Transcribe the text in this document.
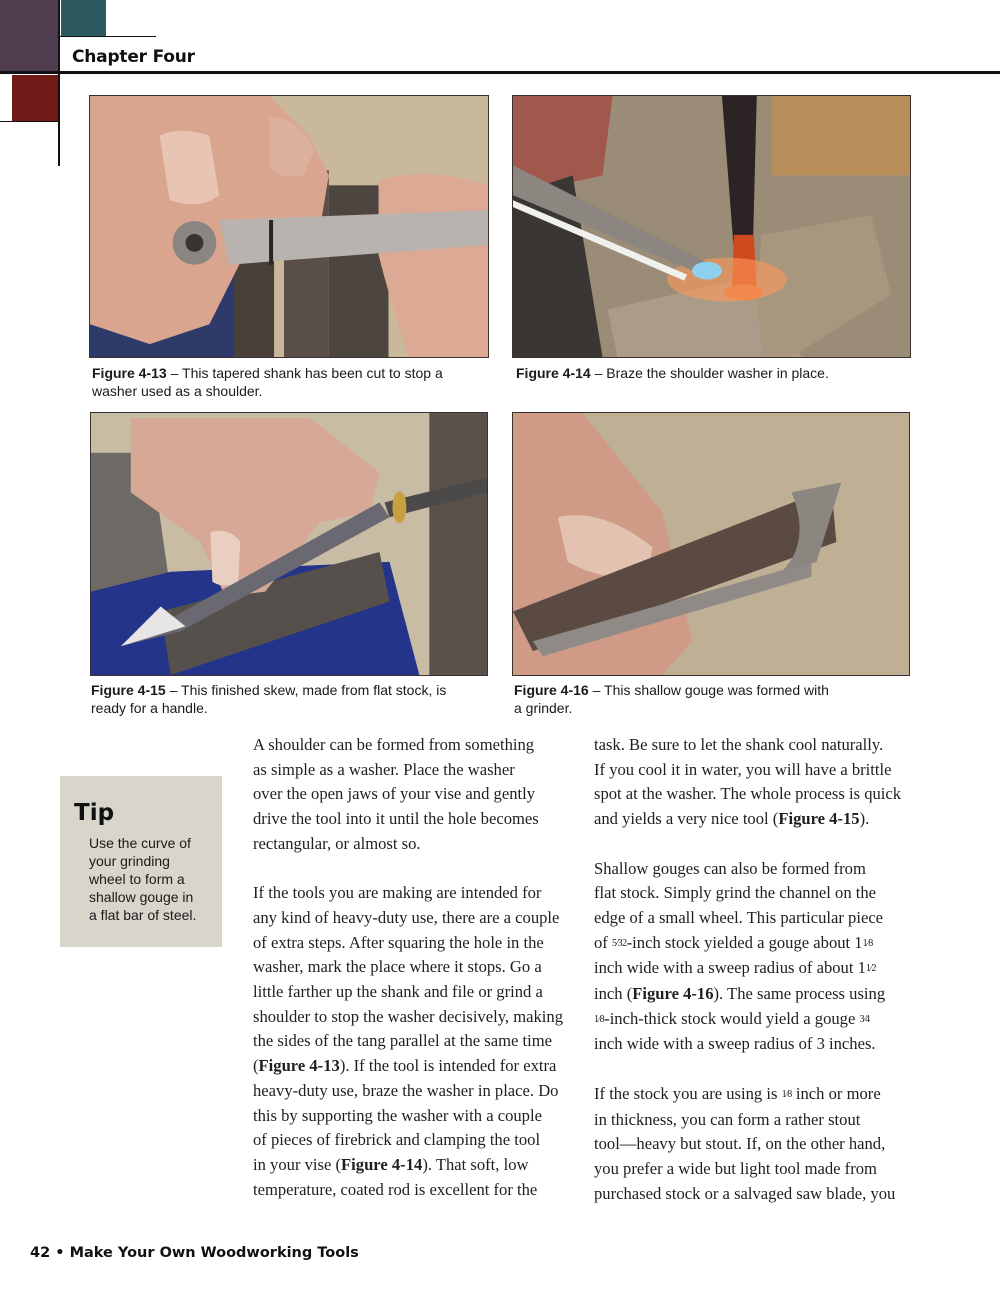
Chapter Four
Figure 4-13 – This tapered shank has been cut to stop a
washer used as a shoulder.
Figure 4-14 – Braze the shoulder washer in place.
Figure 4-15 – This finished skew, made from flat stock, is
ready for a handle.
Figure 4-16 – This shallow gouge was formed with
a grinder.
Tip
Use the curve of
your grinding
wheel to form a
shallow gouge in
a flat bar of steel.

A shoulder can be formed from something
as simple as a washer. Place the washer
over the open jaws of your vise and gently
drive the tool into it until the hole becomes
rectangular, or almost so.

If the tools you are making are intended for
any kind of heavy-duty use, there are a couple
of extra steps. After squaring the hole in the
washer, mark the place where it stops. Go a
little farther up the shank and file or grind a
shoulder to stop the washer decisively, making
the sides of the tang parallel at the same time
(Figure 4-13). If the tool is intended for extra
heavy-duty use, braze the washer in place. Do
this by supporting the washer with a couple
of pieces of firebrick and clamping the tool
in your vise (Figure 4-14). That soft, low
temperature, coated rod is excellent for the

task. Be sure to let the shank cool naturally.
If you cool it in water, you will have a brittle
spot at the washer. The whole process is quick
and yields a very nice tool (Figure 4-15).

Shallow gouges can also be formed from
flat stock. Simply grind the channel on the
edge of a small wheel. This particular piece
of 5⁄32-inch stock yielded a gouge about 11⁄8
inch wide with a sweep radius of about 11⁄2
inch (Figure 4-16). The same process using
1⁄8-inch-thick stock would yield a gouge 3⁄4
inch wide with a sweep radius of 3 inches.

If the stock you are using is 1⁄8 inch or more
in thickness, you can form a rather stout
tool—heavy but stout. If, on the other hand,
you prefer a wide but light tool made from
purchased stock or a salvaged saw blade, you

42 • Make Your Own Woodworking Tools
